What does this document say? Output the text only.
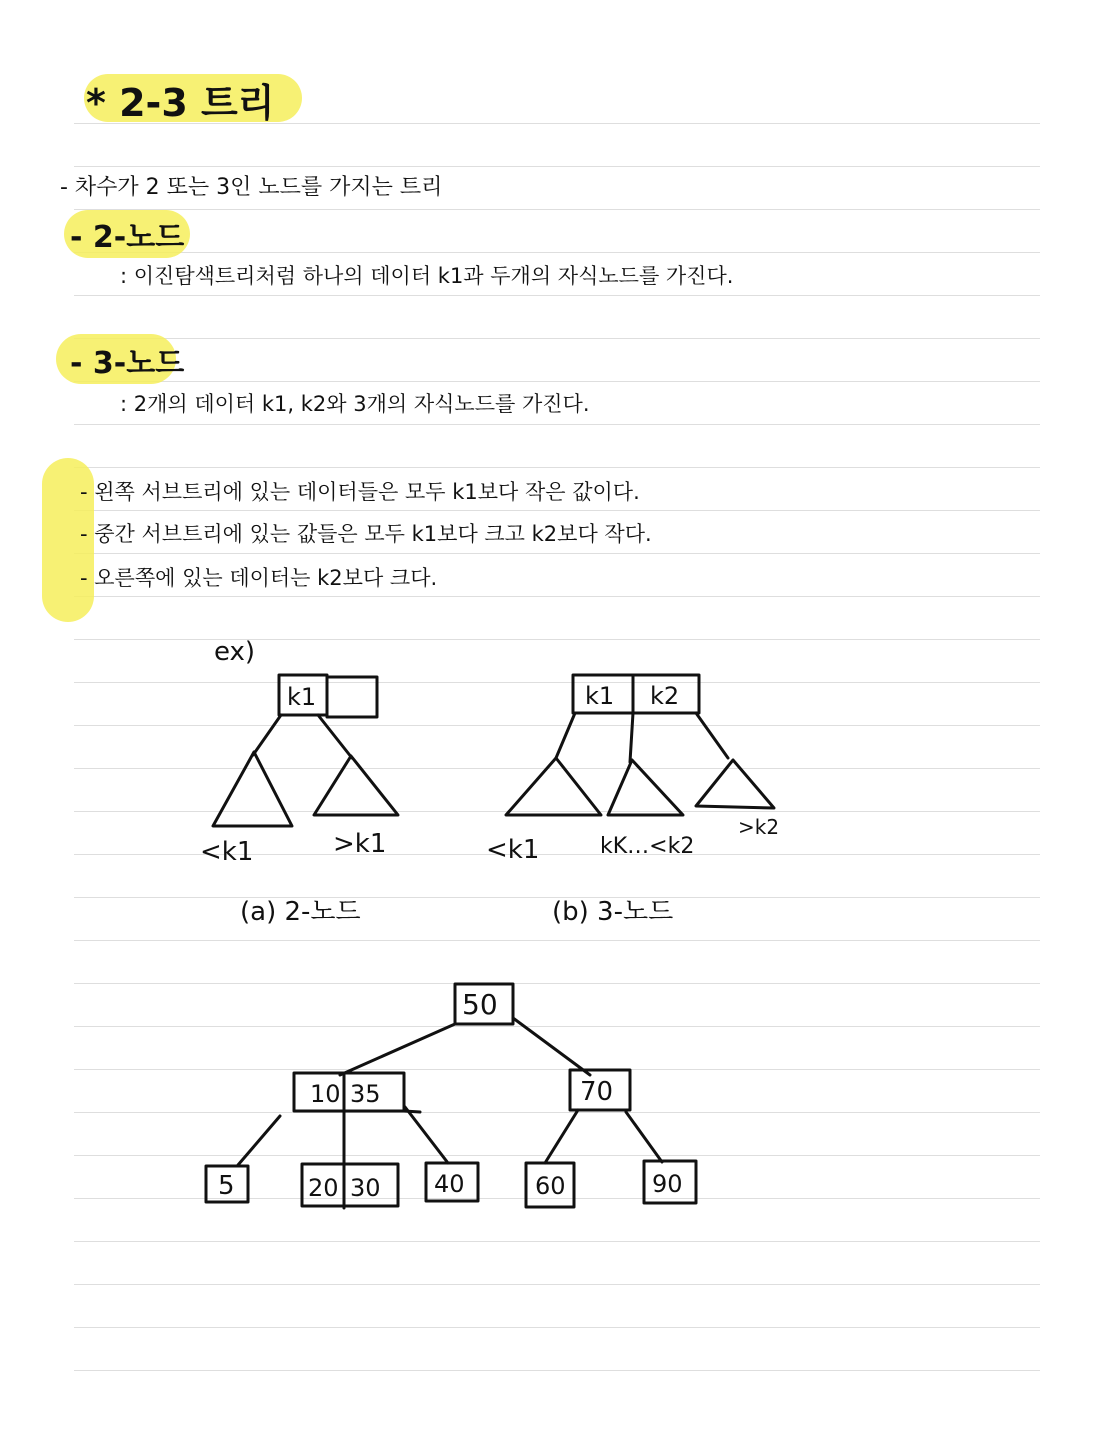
* 2-3 트리
- 차수가 2 또는 3인 노드를 가지는 트리
- 2-노드
: 이진탐색트리처럼 하나의 데이터 k1과 두개의 자식노드를 가진다.
- 3-노드
: 2개의 데이터 k1, k2와 3개의 자식노드를 가진다.
- 왼쪽 서브트리에 있는 데이터들은 모두 k1보다 작은 값이다.
- 중간 서브트리에 있는 값들은 모두 k1보다 크고 k2보다 작다.
- 오른쪽에 있는 데이터는 k2보다 크다.
ex)
k1
<k1	>k1
(a) 2-노드
k1 k2
<k1	kK…<k2
>k2
(b) 3-노드
50
10 35	70
5	20 30 40	60	90
